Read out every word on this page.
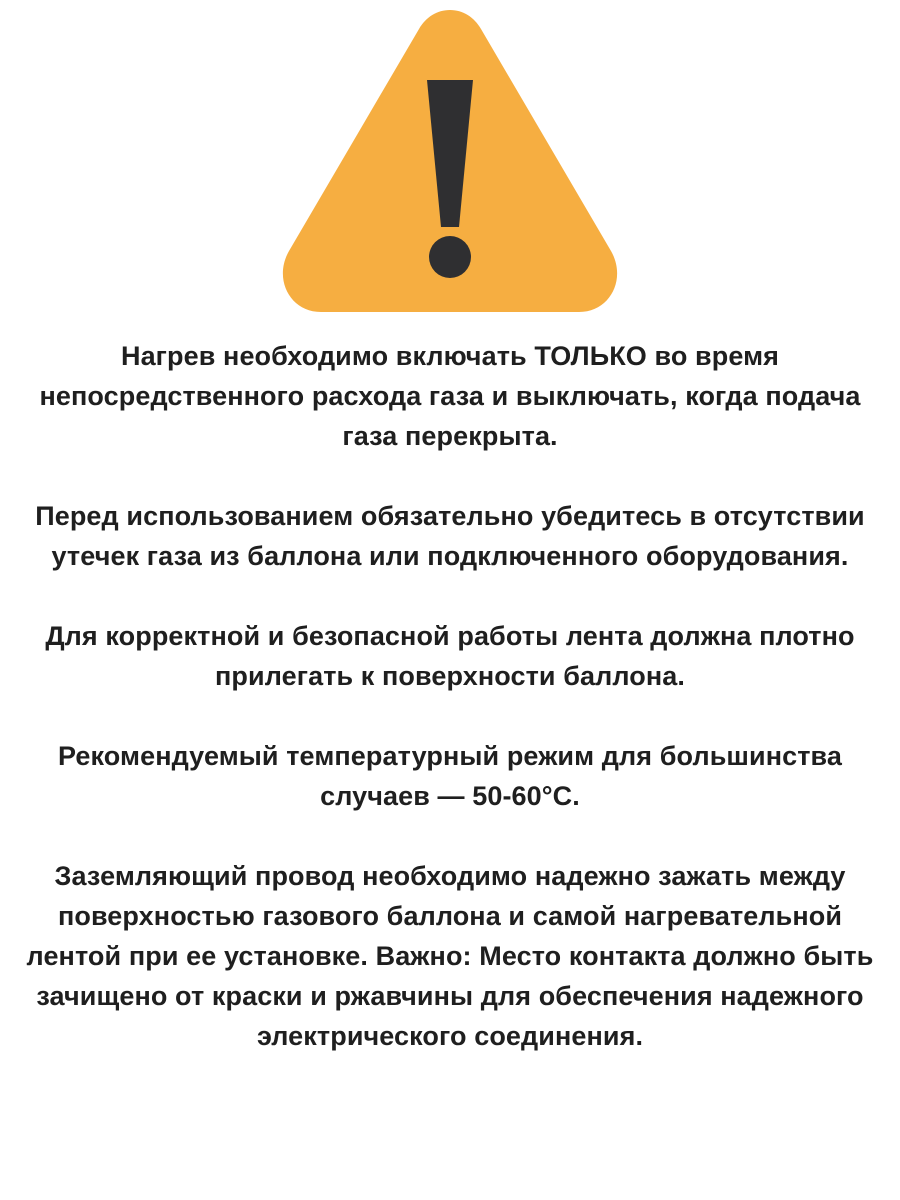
Нагрев необходимо включать ТОЛЬКО во время
непосредственного расхода газа и выключать, когда подача
газа перекрыта.

Перед использованием обязательно убедитесь в отсутствии
утечек газа из баллона или подключенного оборудования.

Для корректной и безопасной работы лента должна плотно
прилегать к поверхности баллона.

Рекомендуемый температурный режим для большинства
случаев — 50-60°С.

Заземляющий провод необходимо надежно зажать между
поверхностью газового баллона и самой нагревательной
лентой при ее установке. Важно: Место контакта должно быть
зачищено от краски и ржавчины для обеспечения надежного
электрического соединения.
